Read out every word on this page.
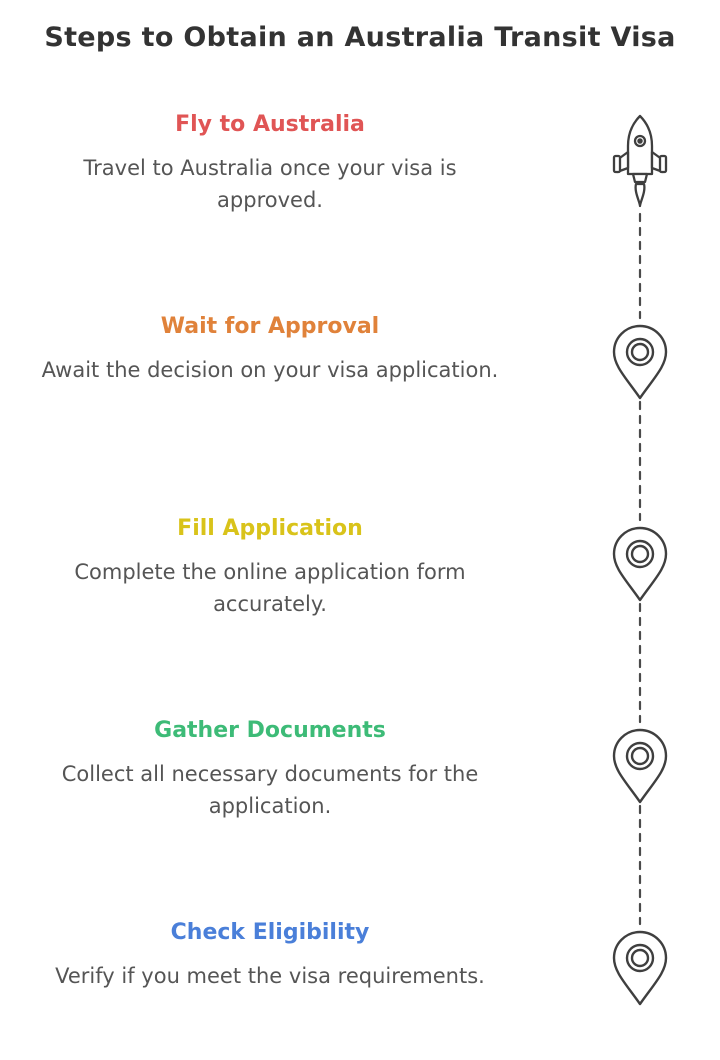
Steps to Obtain an Australia Transit Visa
Fly to Australia
Travel to Australia once your visa is approved.
Wait for Approval
Await the decision on your visa application.
Fill Application
Complete the online application form accurately.
Gather Documents
Collect all necessary documents for the application.
Check Eligibility
Verify if you meet the visa requirements.
